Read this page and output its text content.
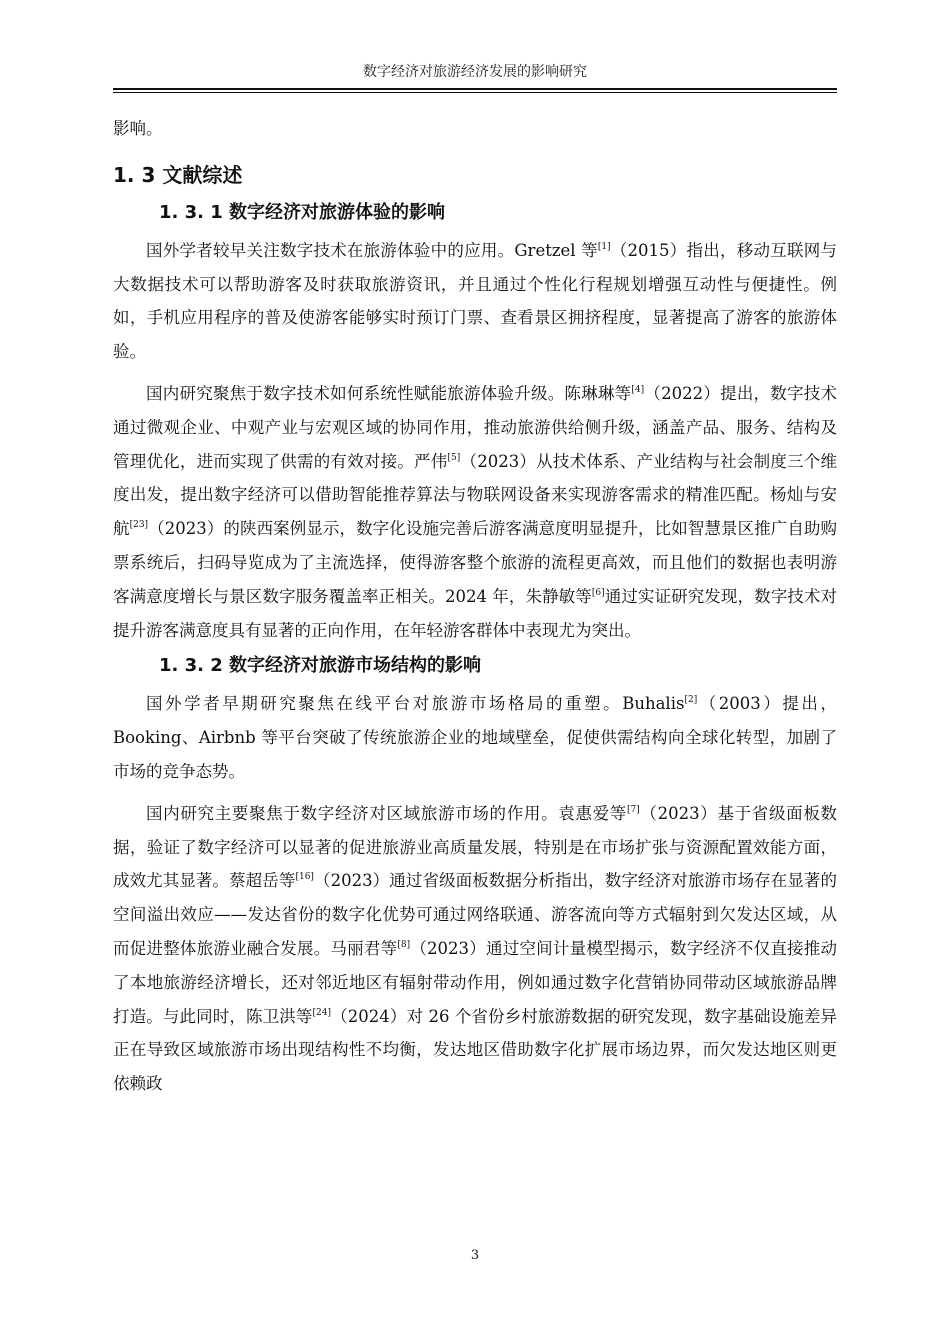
数字经济对旅游经济发展的影响研究

影响。

1. 3 文献综述
1. 3. 1 数字经济对旅游体验的影响

国外学者较早关注数字技术在旅游体验中的应用。Gretzel 等[1]（2015）指出，移动互联网与大数据技术可以帮助游客及时获取旅游资讯，并且通过个性化行程规划增强互动性与便捷性。例如，手机应用程序的普及使游客能够实时预订门票、查看景区拥挤程度，显著提高了游客的旅游体验。

国内研究聚焦于数字技术如何系统性赋能旅游体验升级。陈琳琳等[4]（2022）提出，数字技术通过微观企业、中观产业与宏观区域的协同作用，推动旅游供给侧升级，涵盖产品、服务、结构及管理优化，进而实现了供需的有效对接。严伟[5]（2023）从技术体系、产业结构与社会制度三个维度出发，提出数字经济可以借助智能推荐算法与物联网设备来实现游客需求的精准匹配。杨灿与安航[23]（2023）的陕西案例显示，数字化设施完善后游客满意度明显提升，比如智慧景区推广自助购票系统后，扫码导览成为了主流选择，使得游客整个旅游的流程更高效，而且他们的数据也表明游客满意度增长与景区数字服务覆盖率正相关。2024 年，朱静敏等[6]通过实证研究发现，数字技术对提升游客满意度具有显著的正向作用，在年轻游客群体中表现尤为突出。

1. 3. 2 数字经济对旅游市场结构的影响

国外学者早期研究聚焦在线平台对旅游市场格局的重塑。Buhalis[2]（2003）提出，Booking、Airbnb 等平台突破了传统旅游企业的地域壁垒，促使供需结构向全球化转型，加剧了市场的竞争态势。

国内研究主要聚焦于数字经济对区域旅游市场的作用。袁惠爱等[7]（2023）基于省级面板数据，验证了数字经济可以显著的促进旅游业高质量发展，特别是在市场扩张与资源配置效能方面，成效尤其显著。蔡超岳等[16]（2023）通过省级面板数据分析指出，数字经济对旅游市场存在显著的空间溢出效应——发达省份的数字化优势可通过网络联通、游客流向等方式辐射到欠发达区域，从而促进整体旅游业融合发展。马丽君等[8]（2023）通过空间计量模型揭示，数字经济不仅直接推动了本地旅游经济增长，还对邻近地区有辐射带动作用，例如通过数字化营销协同带动区域旅游品牌打造。与此同时，陈卫洪等[24]（2024）对 26 个省份乡村旅游数据的研究发现，数字基础设施差异正在导致区域旅游市场出现结构性不均衡，发达地区借助数字化扩展市场边界，而欠发达地区则更依赖政

3
